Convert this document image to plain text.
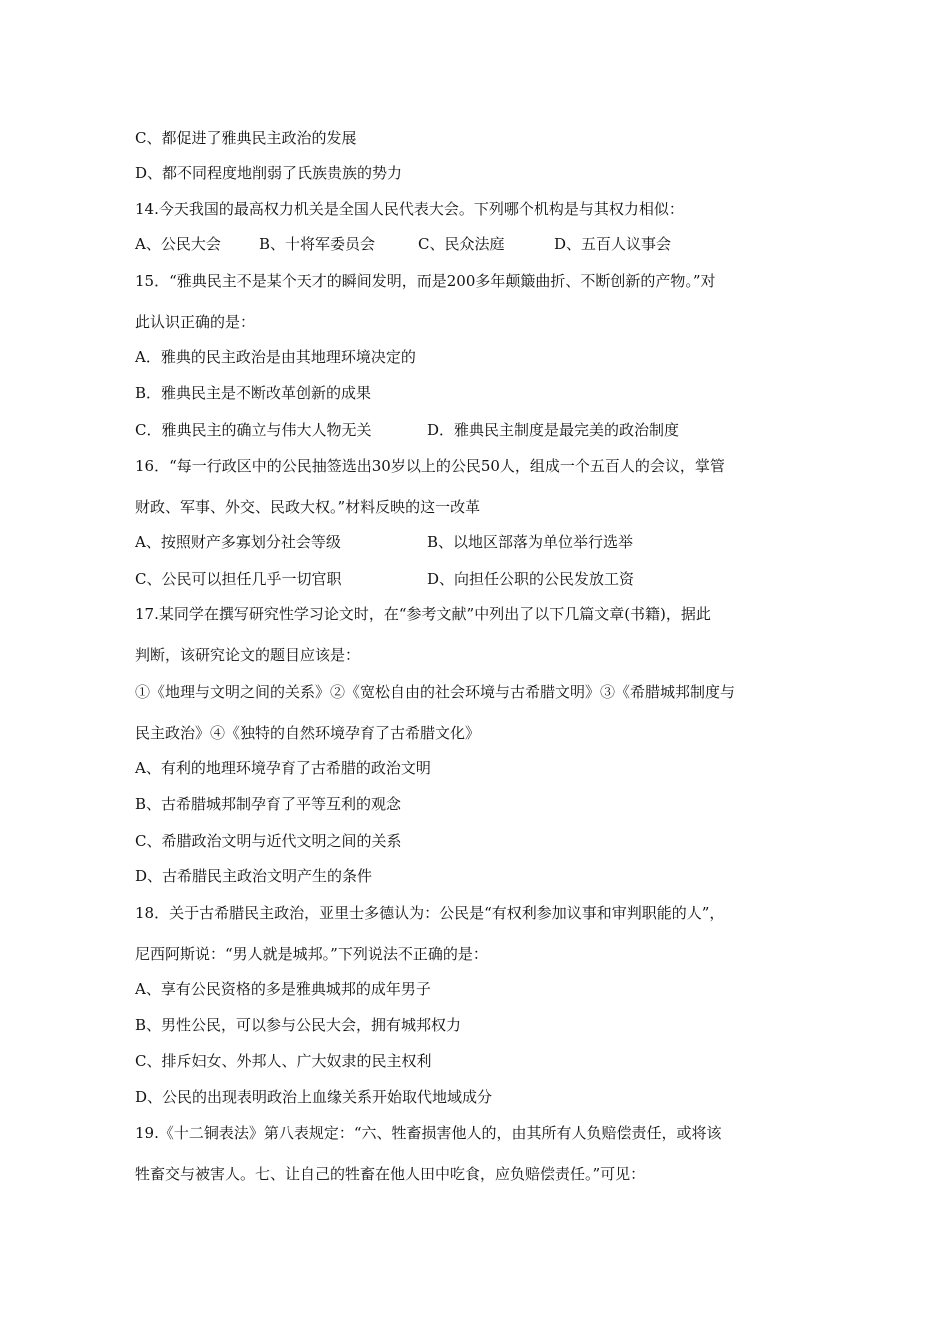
C、都促进了雅典民主政治的发展
D、都不同程度地削弱了氏族贵族的势力
14.今天我国的最高权力机关是全国人民代表大会。下列哪个机构是与其权力相似：
A、公民大会	B、十将军委员会	C、民众法庭	D、五百人议事会
15．“雅典民主不是某个天才的瞬间发明，而是200多年颠簸曲折、不断创新的产物。”对
此认识正确的是：
A．雅典的民主政治是由其地理环境决定的
B．雅典民主是不断改革创新的成果
C．雅典民主的确立与伟大人物无关	D．雅典民主制度是最完美的政治制度
16．“每一行政区中的公民抽签选出30岁以上的公民50人，组成一个五百人的会议，掌管
财政、军事、外交、民政大权。”材料反映的这一改革
A、按照财产多寡划分社会等级	B、以地区部落为单位举行选举
C、公民可以担任几乎一切官职	D、向担任公职的公民发放工资
17.某同学在撰写研究性学习论文时，在“参考文献”中列出了以下几篇文章(书籍)，据此
判断，该研究论文的题目应该是：
①《地理与文明之间的关系》②《宽松自由的社会环境与古希腊文明》③《希腊城邦制度与
民主政治》④《独特的自然环境孕育了古希腊文化》
A、有利的地理环境孕育了古希腊的政治文明
B、古希腊城邦制孕育了平等互利的观念
C、希腊政治文明与近代文明之间的关系
D、古希腊民主政治文明产生的条件
18．关于古希腊民主政治，亚里士多德认为：公民是“有权利参加议事和审判职能的人”，
尼西阿斯说：“男人就是城邦。”下列说法不正确的是：
A、享有公民资格的多是雅典城邦的成年男子
B、男性公民，可以参与公民大会，拥有城邦权力
C、排斥妇女、外邦人、广大奴隶的民主权利
D、公民的出现表明政治上血缘关系开始取代地域成分
19.《十二铜表法》第八表规定：“六、牲畜损害他人的，由其所有人负赔偿责任，或将该
牲畜交与被害人。七、让自己的牲畜在他人田中吃食，应负赔偿责任。”可见：
